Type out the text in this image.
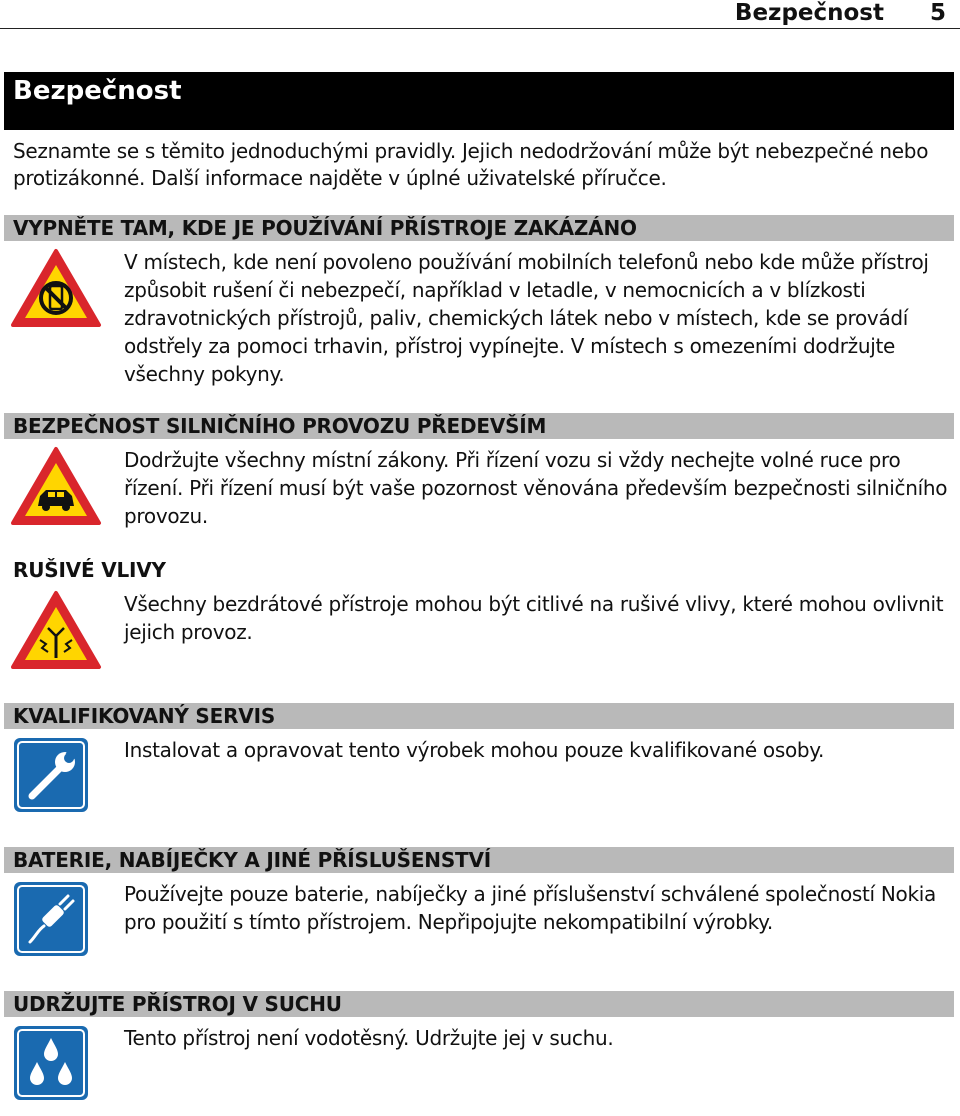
Bezpečnost 5
Bezpečnost
Seznamte se s těmito jednoduchými pravidly. Jejich nedodržování může být nebezpečné nebo protizákonné. Další informace najděte v úplné uživatelské příručce.
VYPNĚTE TAM, KDE JE POUŽÍVÁNÍ PŘÍSTROJE ZAKÁZÁNO
V místech, kde není povoleno používání mobilních telefonů nebo kde může přístroj způsobit rušení či nebezpečí, například v letadle, v nemocnicích a v blízkosti zdravotnických přístrojů, paliv, chemických látek nebo v místech, kde se provádí odstřely za pomoci trhavin, přístroj vypínejte. V místech s omezeními dodržujte všechny pokyny.
BEZPEČNOST SILNIČNÍHO PROVOZU PŘEDEVŠÍM
Dodržujte všechny místní zákony. Při řízení vozu si vždy nechejte volné ruce pro řízení. Při řízení musí být vaše pozornost věnována především bezpečnosti silničního provozu.
RUŠIVÉ VLIVY
Všechny bezdrátové přístroje mohou být citlivé na rušivé vlivy, které mohou ovlivnit jejich provoz.
KVALIFIKOVANÝ SERVIS
Instalovat a opravovat tento výrobek mohou pouze kvalifikované osoby.
BATERIE, NABÍJEČKY A JINÉ PŘÍSLUŠENSTVÍ
Používejte pouze baterie, nabíječky a jiné příslušenství schválené společností Nokia pro použití s tímto přístrojem. Nepřipojujte nekompatibilní výrobky.
UDRŽUJTE PŘÍSTROJ V SUCHU
Tento přístroj není vodotěsný. Udržujte jej v suchu.
